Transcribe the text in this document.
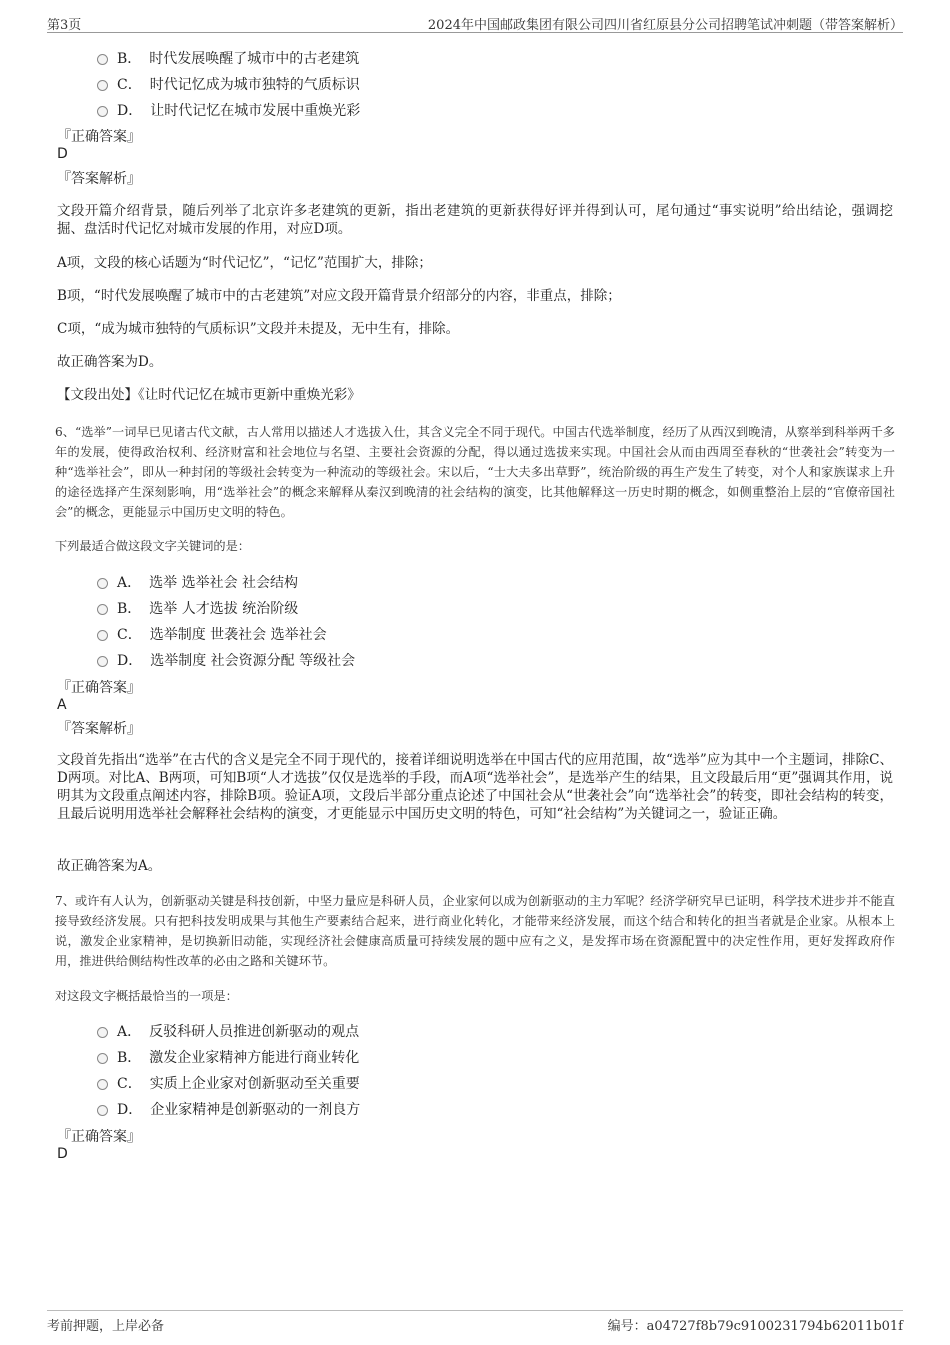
第3页	2024年中国邮政集团有限公司四川省红原县分公司招聘笔试冲刺题（带答案解析）
B． 时代发展唤醒了城市中的古老建筑
C． 时代记忆成为城市独特的气质标识
D． 让时代记忆在城市发展中重焕光彩
『正确答案』
D
『答案解析』
文段开篇介绍背景，随后列举了北京许多老建筑的更新，指出老建筑的更新获得好评并得到认可，尾句通过“事实说明”给出结论，强调挖掘、盘活时代记忆对城市发展的作用，对应D项。
A项，文段的核心话题为“时代记忆”，“记忆”范围扩大，排除；
B项，“时代发展唤醒了城市中的古老建筑”对应文段开篇背景介绍部分的内容，非重点，排除；
C项，“成为城市独特的气质标识”文段并未提及，无中生有，排除。
故正确答案为D。
【文段出处】《让时代记忆在城市更新中重焕光彩》
6、“选举”一词早已见诸古代文献，古人常用以描述人才选拔入仕，其含义完全不同于现代。中国古代选举制度，经历了从西汉到晚清，从察举到科举两千多年的发展，使得政治权利、经济财富和社会地位与名望、主要社会资源的分配，得以通过选拔来实现。中国社会从而由西周至春秋的“世袭社会”转变为一种“选举社会”，即从一种封闭的等级社会转变为一种流动的等级社会。宋以后，“士大夫多出草野”，统治阶级的再生产发生了转变，对个人和家族谋求上升的途径选择产生深刻影响，用“选举社会”的概念来解释从秦汉到晚清的社会结构的演变，比其他解释这一历史时期的概念，如侧重整治上层的“官僚帝国社会”的概念，更能显示中国历史文明的特色。
下列最适合做这段文字关键词的是：
A． 选举 选举社会 社会结构
B． 选举 人才选拔 统治阶级
C． 选举制度 世袭社会 选举社会
D． 选举制度 社会资源分配 等级社会
『正确答案』
A
『答案解析』
文段首先指出“选举”在古代的含义是完全不同于现代的，接着详细说明选举在中国古代的应用范围，故“选举”应为其中一个主题词，排除C、D两项。对比A、B两项，可知B项“人才选拔”仅仅是选举的手段，而A项“选举社会”，是选举产生的结果，且文段最后用“更”强调其作用，说明其为文段重点阐述内容，排除B项。验证A项，文段后半部分重点论述了中国社会从“世袭社会”向“选举社会”的转变，即社会结构的转变，且最后说明用选举社会解释社会结构的演变，才更能显示中国历史文明的特色，可知“社会结构”为关键词之一，验证正确。
故正确答案为A。
7、或许有人认为，创新驱动关键是科技创新，中坚力量应是科研人员，企业家何以成为创新驱动的主力军呢？经济学研究早已证明，科学技术进步并不能直接导致经济发展。只有把科技发明成果与其他生产要素结合起来，进行商业化转化，才能带来经济发展，而这个结合和转化的担当者就是企业家。从根本上说，激发企业家精神，是切换新旧动能，实现经济社会健康高质量可持续发展的题中应有之义，是发挥市场在资源配置中的决定性作用，更好发挥政府作用，推进供给侧结构性改革的必由之路和关键环节。
对这段文字概括最恰当的一项是：
A． 反驳科研人员推进创新驱动的观点
B． 激发企业家精神方能进行商业转化
C． 实质上企业家对创新驱动至关重要
D． 企业家精神是创新驱动的一剂良方
『正确答案』
D
考前押题，上岸必备	编号：a04727f8b79c9100231794b62011b01f
